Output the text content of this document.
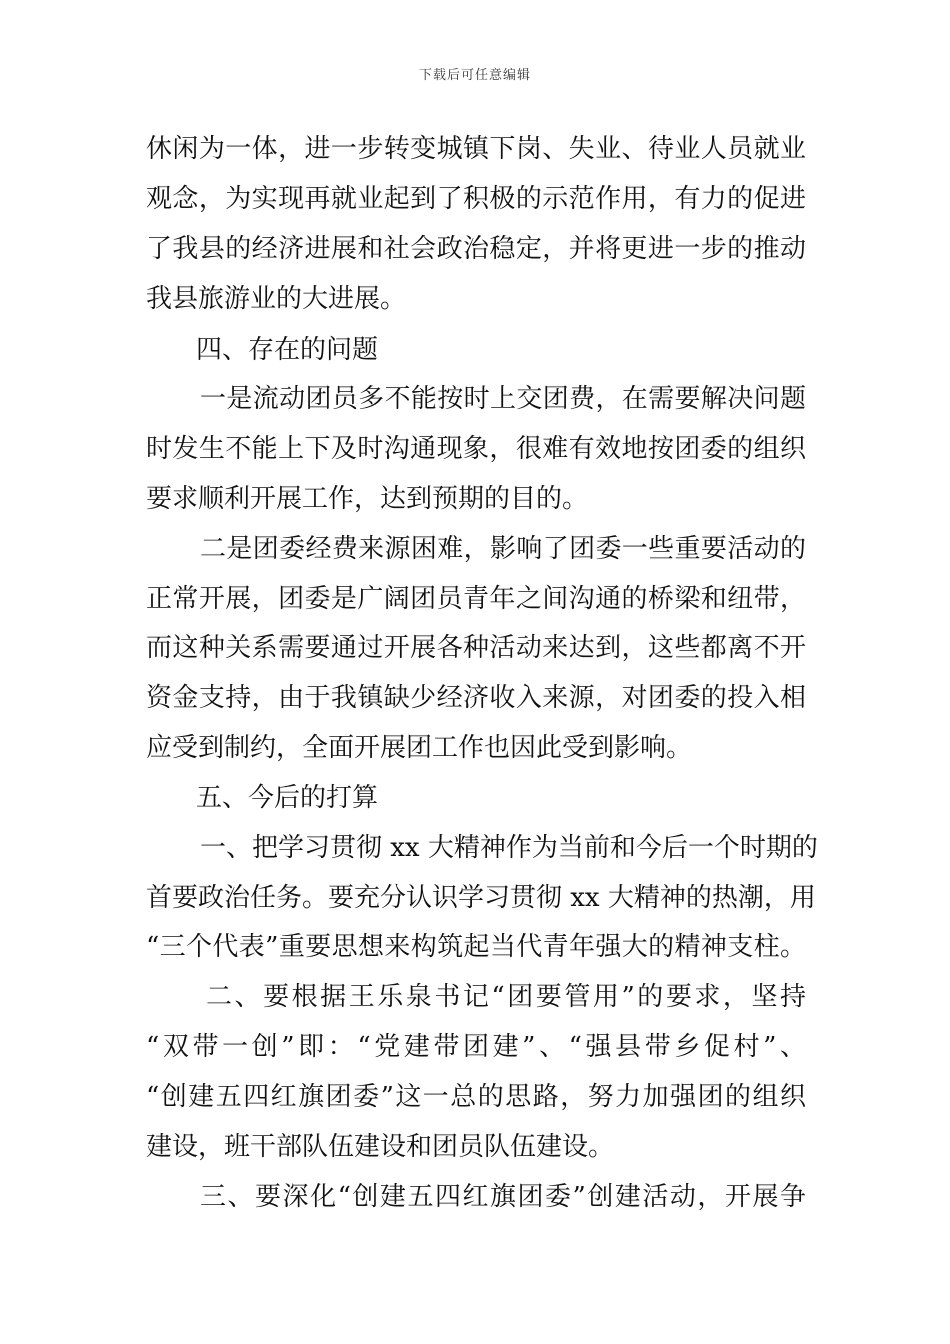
下载后可任意编辑
休闲为一体，进一步转变城镇下岗、失业、待业人员就业
观念，为实现再就业起到了积极的示范作用，有力的促进
了我县的经济进展和社会政治稳定，并将更进一步的推动
我县旅游业的大进展。
四、存在的问题
一是流动团员多不能按时上交团费，在需要解决问题
时发生不能上下及时沟通现象，很难有效地按团委的组织
要求顺利开展工作，达到预期的目的。
二是团委经费来源困难，影响了团委一些重要活动的
正常开展，团委是广阔团员青年之间沟通的桥梁和纽带，
而这种关系需要通过开展各种活动来达到，这些都离不开
资金支持，由于我镇缺少经济收入来源，对团委的投入相
应受到制约，全面开展团工作也因此受到影响。
五、今后的打算
一、把学习贯彻 xx 大精神作为当前和今后一个时期的
首要政治任务。要充分认识学习贯彻 xx 大精神的热潮，用
“三个代表”重要思想来构筑起当代青年强大的精神支柱。
二、要根据王乐泉书记“团要管用”的要求，坚持
“双带一创”即：“党建带团建”、“强县带乡促村”、
“创建五四红旗团委”这一总的思路，努力加强团的组织
建设，班干部队伍建设和团员队伍建设。
三、要深化“创建五四红旗团委”创建活动，开展争
